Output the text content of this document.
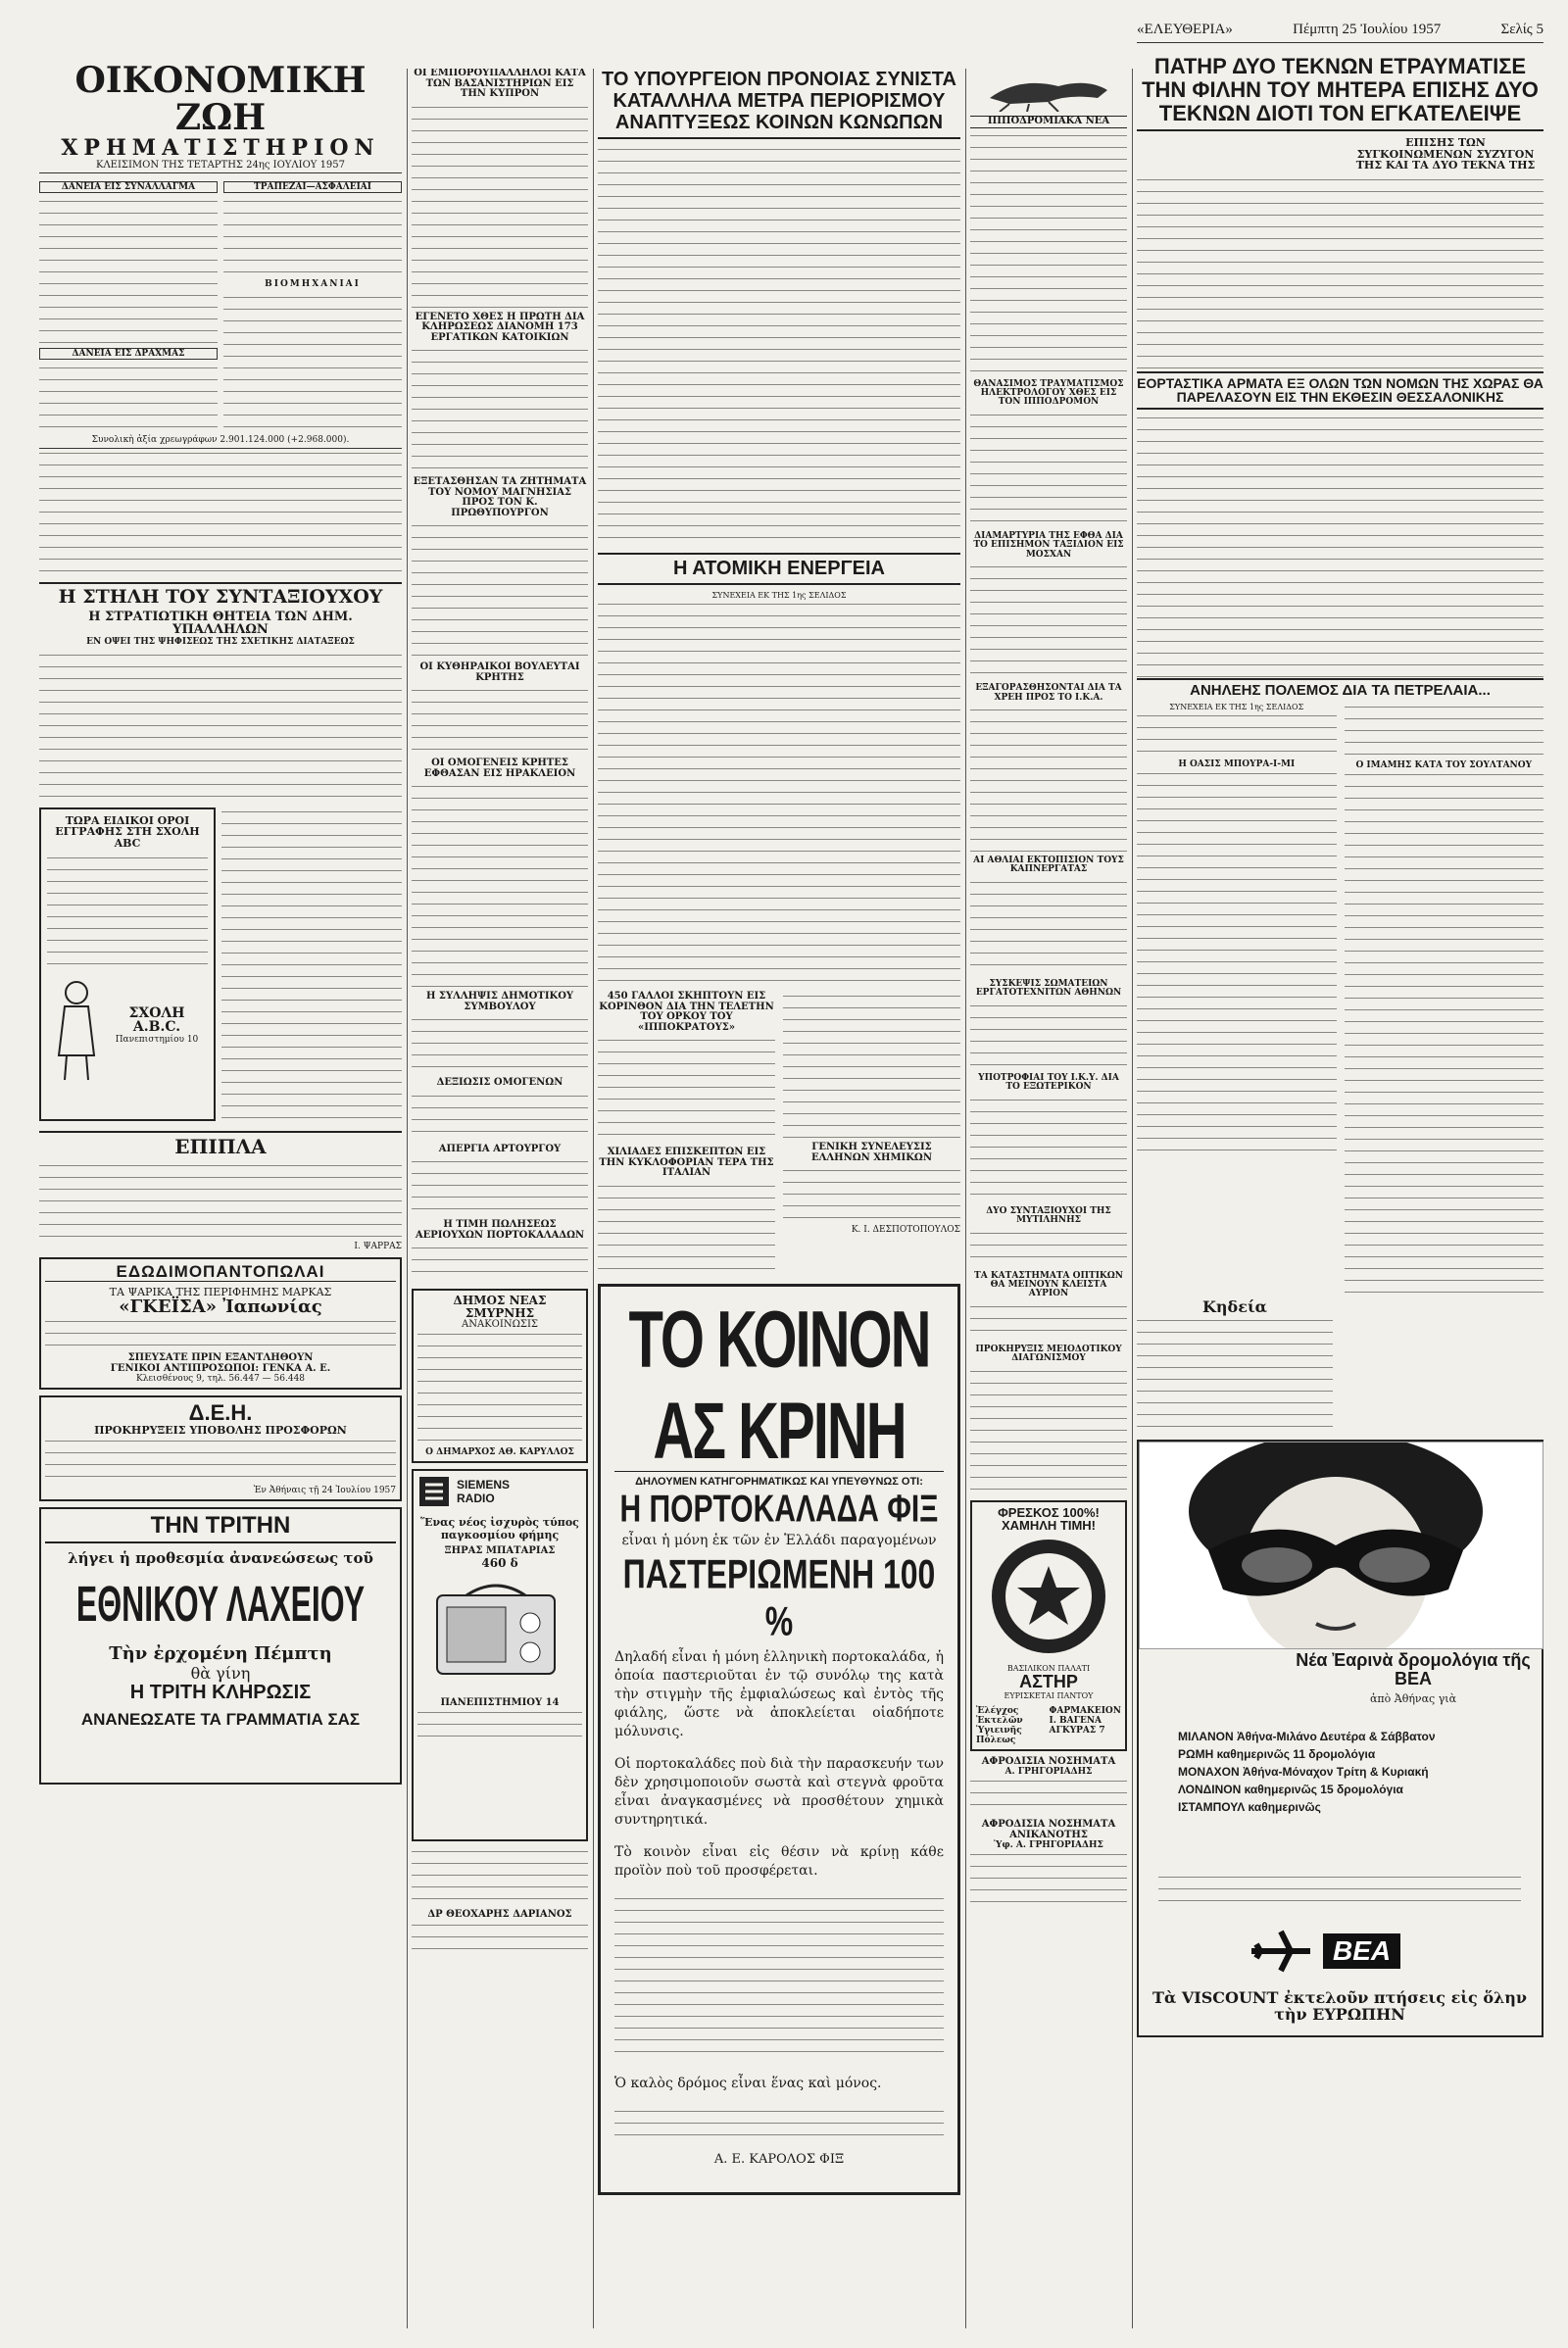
«ΕΛΕΥΘΕΡΙΑ»	Πέμπτη 25 Ἰουλίου 1957	Σελίς 5
ΟΙΚΟΝΟΜΙΚΗ ΖΩΗ
ΧΡΗΜΑΤΙΣΤΗΡΙΟΝ
ΚΛΕΙΣΙΜΟΝ ΤΗΣ ΤΕΤΑΡΤΗΣ 24ης ΙΟΥΛΙΟΥ 1957
ΔΑΝΕΙΑ ΕΙΣ ΣΥΝΑΛΛΑΓΜΑ
ΔΑΝΕΙΑ ΕΙΣ ΔΡΑΧΜΑΣ
ΤΡΑΠΕΖΑΙ—ΑΣΦΑΛΕΙΑΙ
ΒΙΟΜΗΧΑΝΙΑΙ
Συνολικὴ ἀξία χρεωγράφων 2.901.124.000 (+2.968.000).
Η ΣΤΗΛΗ ΤΟΥ ΣΥΝΤΑΞΙΟΥΧΟΥ
Η ΣΤΡΑΤΙΩΤΙΚΗ ΘΗΤΕΙΑ ΤΩΝ ΔΗΜ. ΥΠΑΛΛΗΛΩΝ
ΕΝ ΟΨΕΙ ΤΗΣ ΨΗΦΙΣΕΩΣ ΤΗΣ ΣΧΕΤΙΚΗΣ ΔΙΑΤΑΞΕΩΣ
ΤΩΡΑ ΕΙΔΙΚΟΙ ΟΡΟΙ ΕΓΓΡΑΦΗΣ ΣΤΗ ΣΧΟΛΗ ABC
ΣΧΟΛΗ A.B.C.
Πανεπιστημίου 10
ΕΠΙΠΛΑ
Ι. ΨΑΡΡΑΣ
ΕΔΩΔΙΜΟΠΑΝΤΟΠΩΛΑΙ
ΤΑ ΨΑΡΙΚΑ ΤΗΣ ΠΕΡΙΦΗΜΗΣ ΜΑΡΚΑΣ
«ΓΚΕΪΣΑ» Ἰαπωνίας
ΣΠΕΥΣΑΤΕ ΠΡΙΝ ΕΞΑΝΤΛΗΘΟΥΝ
ΓΕΝΙΚΟΙ ΑΝΤΙΠΡΟΣΩΠΟΙ: ΓΕΝΚΑ Α. Ε.
Κλεισθένους 9, τηλ. 56.447 — 56.448
Δ.Ε.Η.
ΠΡΟΚΗΡΥΞΕΙΣ ΥΠΟΒΟΛΗΣ ΠΡΟΣΦΟΡΩΝ
Ἐν Ἀθήναις τῇ 24 Ἰουλίου 1957
ΤΗΝ ΤΡΙΤΗΝ
λήγει ἡ προθεσμία ἀνανεώσεως τοῦ
ΕΘΝΙΚΟΥ ΛΑΧΕΙΟΥ
Τὴν ἐρχομένη Πέμπτη
θὰ γίνη
Η ΤΡΙΤΗ ΚΛΗΡΩΣΙΣ
ΑΝΑΝΕΩΣΑΤΕ ΤΑ ΓΡΑΜΜΑΤΙΑ ΣΑΣ
ΟΙ ΕΜΠΟΡΟΫΠΑΛΛΗΛΟΙ ΚΑΤΑ ΤΩΝ ΒΑΣΑΝΙΣΤΗΡΙΩΝ ΕΙΣ ΤΗΝ ΚΥΠΡΟΝ
ΕΓΕΝΕΤΟ ΧΘΕΣ Η ΠΡΩΤΗ ΔΙΑ ΚΛΗΡΩΣΕΩΣ ΔΙΑΝΟΜΗ 173 ΕΡΓΑΤΙΚΩΝ ΚΑΤΟΙΚΙΩΝ
ΕΞΕΤΑΣΘΗΣΑΝ ΤΑ ΖΗΤΗΜΑΤΑ ΤΟΥ ΝΟΜΟΥ ΜΑΓΝΗΣΙΑΣ ΠΡΟΣ ΤΟΝ Κ. ΠΡΩΘΥΠΟΥΡΓΟΝ
ΟΙ ΚΥΘΗΡΑΙΚΟΙ ΒΟΥΛΕΥΤΑΙ ΚΡΗΤΗΣ
ΟΙ ΟΜΟΓΕΝΕΙΣ ΚΡΗΤΕΣ ΕΦΘΑΣΑΝ ΕΙΣ ΗΡΑΚΛΕΙΟΝ
Η ΣΥΛΛΗΨΙΣ ΔΗΜΟΤΙΚΟΥ ΣΥΜΒΟΥΛΟΥ
ΔΕΞΙΩΣΙΣ ΟΜΟΓΕΝΩΝ
ΑΠΕΡΓΙΑ ΑΡΤΟΥΡΓΟΥ
Η ΤΙΜΗ ΠΩΛΗΣΕΩΣ ΑΕΡΙΟΥΧΩΝ ΠΟΡΤΟΚΑΛΑΔΩΝ
ΔΗΜΟΣ ΝΕΑΣ ΣΜΥΡΝΗΣ
ΑΝΑΚΟΙΝΩΣΙΣ
Ο ΔΗΜΑΡΧΟΣ ΑΘ. ΚΑΡΥΛΛΟΣ
SIEMENS
RADIO
Ἕνας νέος ἰσχυρὸς τύπος παγκοσμίου φήμης
ΞΗΡΑΣ ΜΠΑΤΑΡΙΑΣ
460 δ
ΠΑΝΕΠΙΣΤΗΜΙΟΥ 14
ΔΡ ΘΕΟΧΑΡΗΣ ΔΑΡΙΑΝΟΣ
ΤΟ ΥΠΟΥΡΓΕΙΟΝ ΠΡΟΝΟΙΑΣ ΣΥΝΙΣΤΑ ΚΑΤΑΛΛΗΛΑ ΜΕΤΡΑ ΠΕΡΙΟΡΙΣΜΟΥ ΑΝΑΠΤΥΞΕΩΣ ΚΟΙΝΩΝ ΚΩΝΩΠΩΝ
Η ΑΤΟΜΙΚΗ ΕΝΕΡΓΕΙΑ
ΣΥΝΕΧΕΙΑ ΕΚ ΤΗΣ 1ης ΣΕΛΙΔΟΣ
450 ΓΑΛΛΟΙ ΣΚΗΠΤΟΥΝ ΕΙΣ ΚΟΡΙΝΘΟΝ ΔΙΑ ΤΗΝ ΤΕΛΕΤΗΝ ΤΟΥ ΟΡΚΟΥ ΤΟΥ «ΙΠΠΟΚΡΑΤΟΥΣ»
ΧΙΛΙΑΔΕΣ ΕΠΙΣΚΕΠΤΩΝ ΕΙΣ ΤΗΝ ΚΥΚΛΟΦΟΡΙΑΝ ΤΕΡΑ ΤΗΣ ΙΤΑΛΙΑΝ
ΓΕΝΙΚΗ ΣΥΝΕΛΕΥΣΙΣ ΕΛΛΗΝΩΝ ΧΗΜΙΚΩΝ
Κ. Ι. ΔΕΣΠΟΤΟΠΟΥΛΟΣ
ΤΟ ΚΟΙΝΟΝ ΑΣ ΚΡΙΝΗ
ΔΗΛΟΥΜΕΝ ΚΑΤΗΓΟΡΗΜΑΤΙΚΩΣ ΚΑΙ ΥΠΕΥΘΥΝΩΣ ΟΤΙ:
Η ΠΟΡΤΟΚΑΛΑΔΑ ΦΙΞ
εἶναι ἡ μόνη ἐκ τῶν ἐν Ἑλλάδι παραγομένων
ΠΑΣΤΕΡΙΩΜΕΝΗ 100 %

Δηλαδή εἶναι ἡ μόνη ἑλληνικὴ πορτοκαλάδα, ἡ ὁποία παστεριοῦται ἐν τῷ συνόλῳ της κατὰ τὴν στιγμὴν τῆς ἐμφιαλώσεως καὶ ἐντὸς τῆς φιάλης, ὥστε νὰ ἀποκλείεται οἱαδήποτε μόλυνσις.

Οἱ πορτοκαλάδες ποὺ διὰ τὴν παρασκευήν των δὲν χρησιμοποιοῦν σωστὰ καὶ στεγνὰ φροῦτα εἶναι ἀναγκασμένες νὰ προσθέτουν χημικὰ συντηρητικά.

Τὸ κοινὸν εἶναι εἰς θέσιν νὰ κρίνῃ κάθε προϊὸν ποὺ τοῦ προσφέρεται.

Ὁ καλὸς δρόμος εἶναι ἕνας καὶ μόνος.

Α. Ε. ΚΑΡΟΛΟΣ ΦΙΞ
ΙΠΠΟΔΡΟΜΙΑΚΑ ΝΕΑ
ΘΑΝΑΣΙΜΟΣ ΤΡΑΥΜΑΤΙΣΜΟΣ ΗΛΕΚΤΡΟΛΟΓΟΥ ΧΘΕΣ ΕΙΣ ΤΟΝ ΙΠΠΟΔΡΟΜΟΝ
ΔΙΑΜΑΡΤΥΡΙΑ ΤΗΣ ΕΦΘΑ ΔΙΑ ΤΟ ΕΠΙΣΗΜΟΝ ΤΑΞΙΔΙΟΝ ΕΙΣ ΜΟΣΧΑΝ
ΕΞΑΓΟΡΑΣΘΗΣΟΝΤΑΙ ΔΙΑ ΤΑ ΧΡΕΗ ΠΡΟΣ ΤΟ Ι.Κ.Α.
ΑΙ ΑΘΛΙΑΙ ΕΚΤΟΠΙΣΙΟΝ ΤΟΥΣ ΚΑΠΝΕΡΓΑΤΑΣ
ΣΥΣΚΕΨΙΣ ΣΩΜΑΤΕΙΩΝ ΕΡΓΑΤΟΤΕΧΝΙΤΩΝ ΑΘΗΝΩΝ
ΥΠΟΤΡΟΦΙΑΙ ΤΟΥ Ι.Κ.Υ. ΔΙΑ ΤΟ ΕΞΩΤΕΡΙΚΟΝ
ΔΥΟ ΣΥΝΤΑΞΙΟΥΧΟΙ ΤΗΣ ΜΥΤΙΛΗΝΗΣ
ΤΑ ΚΑΤΑΣΤΗΜΑΤΑ ΟΠΤΙΚΩΝ ΘΑ ΜΕΙΝΟΥΝ ΚΛΕΙΣΤΑ ΑΥΡΙΟΝ
ΠΡΟΚΗΡΥΞΙΣ ΜΕΙΟΔΟΤΙΚΟΥ ΔΙΑΓΩΝΙΣΜΟΥ
ΦΡΕΣΚΟΣ 100%! ΧΑΜΗΛΗ ΤΙΜΗ!
ΒΑΣΙΛΙΚΟΝ ΠΑΛΑΤΙ
ΑΣΤΗΡ
ΕΥΡΙΣΚΕΤΑΙ ΠΑΝΤΟΥ
Ἐλέγχος Ἐκτελῶν Ὑγιεινῆς Πόλεως
ΦΑΡΜΑΚΕΙΟΝ Ι. ΒΑΓΕΝΑ ΑΓΚΥΡΑΣ 7
ΑΦΡΟΔΙΣΙΑ ΝΟΣΗΜΑΤΑ
Α. ΓΡΗΓΟΡΙΑΔΗΣ
ΑΦΡΟΔΙΣΙΑ ΝΟΣΗΜΑΤΑ ΑΝΙΚΑΝΟΤΗΣ
Ὑφ. Α. ΓΡΗΓΟΡΙΑΔΗΣ
ΠΑΤΗΡ ΔΥΟ ΤΕΚΝΩΝ ΕΤΡΑΥΜΑΤΙΣΕ ΤΗΝ ΦΙΛΗΝ ΤΟΥ ΜΗΤΕΡΑ ΕΠΙΣΗΣ ΔΥΟ ΤΕΚΝΩΝ ΔΙΟΤΙ ΤΟΝ ΕΓΚΑΤΕΛΕΙΨΕ
ΕΠΙΣΗΣ ΤΩΝ ΣΥΓΚΟΙΝΩΜΕΝΩΝ ΣΥΖΥΓΟΝ ΤΗΣ ΚΑΙ ΤΑ ΔΥΟ ΤΕΚΝΑ ΤΗΣ
ΕΟΡΤΑΣΤΙΚΑ ΑΡΜΑΤΑ ΕΞ ΟΛΩΝ ΤΩΝ ΝΟΜΩΝ ΤΗΣ ΧΩΡΑΣ ΘΑ ΠΑΡΕΛΑΣΟΥΝ ΕΙΣ ΤΗΝ ΕΚΘΕΣΙΝ ΘΕΣΣΑΛΟΝΙΚΗΣ
ΑΝΗΛΕΗΣ ΠΟΛΕΜΟΣ ΔΙΑ ΤΑ ΠΕΤΡΕΛΑΙΑ...
ΣΥΝΕΧΕΙΑ ΕΚ ΤΗΣ 1ης ΣΕΛΙΔΟΣ
Η ΟΑΣΙΣ ΜΠΟΥΡΑ-Ι-ΜΙ	Ο ΙΜΑΜΗΣ ΚΑΤΑ ΤΟΥ ΣΟΥΛΤΑΝΟΥ
Κηδεία
Νέα Ἐαρινὰ δρομολόγια τῆς BEA
ἀπὸ Ἀθήνας γιὰ
ΜΙΛΑΝΟΝ Ἀθήνα-Μιλάνο Δευτέρα & Σάββατον
ΡΩΜΗ καθημερινῶς 11 δρομολόγια
ΜΟΝΑΧΟΝ Ἀθήνα-Μόναχον Τρίτη & Κυριακή
ΛΟΝΔΙΝΟΝ καθημερινῶς 15 δρομολόγια
ΙΣΤΑΜΠΟΥΛ καθημερινῶς
BEA
Τὰ VISCOUNT ἐκτελοῦν πτήσεις εἰς ὅλην τὴν ΕΥΡΩΠΗΝ
